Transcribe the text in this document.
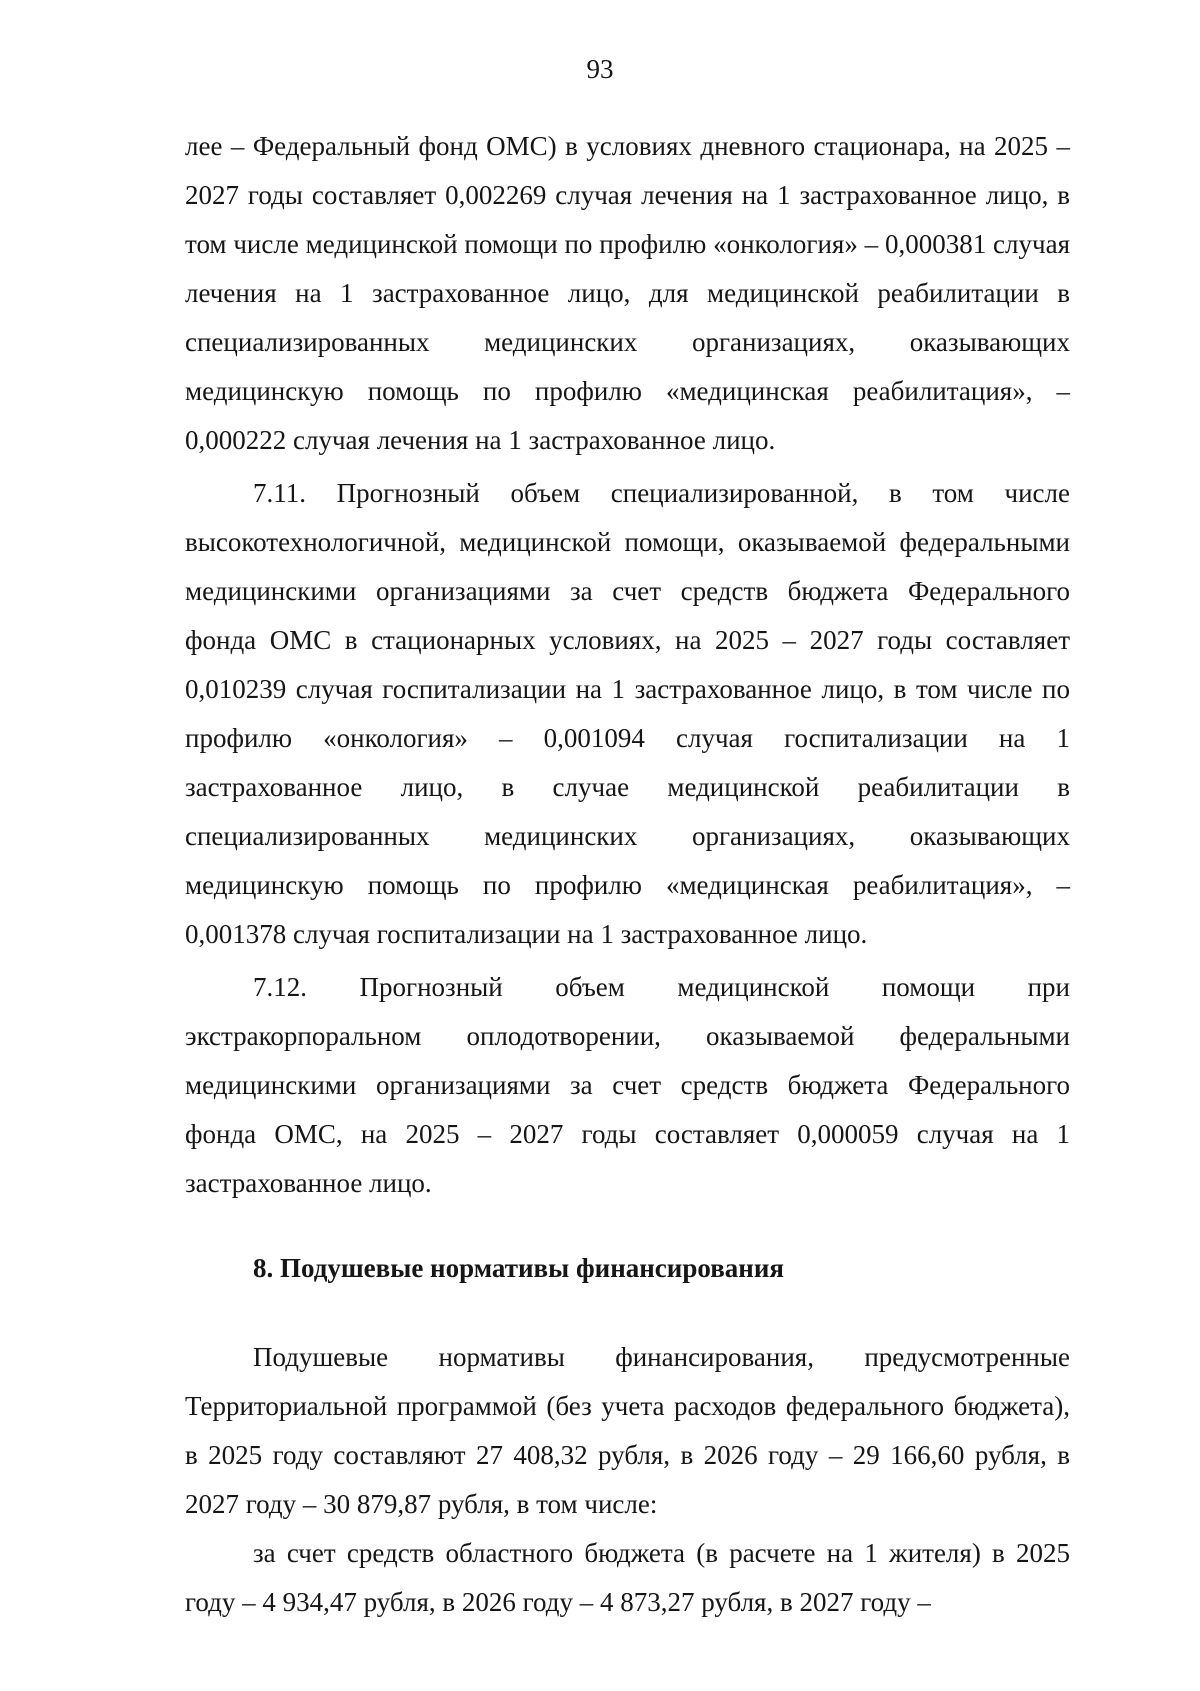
93

лее – Федеральный фонд ОМС) в условиях дневного стационара, на 2025 – 2027 годы составляет 0,002269 случая лечения на 1 застрахованное лицо, в том числе медицинской помощи по профилю «онкология» – 0,000381 случая лечения на 1 застрахованное лицо, для медицинской реабилитации в специализированных медицинских организациях, оказывающих медицинскую помощь по профилю «медицинская реабилитация», – 0,000222 случая лечения на 1 застрахованное лицо.

7.11. Прогнозный объем специализированной, в том числе высокотехнологичной, медицинской помощи, оказываемой федеральными медицинскими организациями за счет средств бюджета Федерального фонда ОМС в стационарных условиях, на 2025 – 2027 годы составляет 0,010239 случая госпитализации на 1 застрахованное лицо, в том числе по профилю «онкология» – 0,001094 случая госпитализации на 1 застрахованное лицо, в случае медицинской реабилитации в специализированных медицинских организациях, оказывающих медицинскую помощь по профилю «медицинская реабилитация», – 0,001378 случая госпитализации на 1 застрахованное лицо.

7.12. Прогнозный объем медицинской помощи при экстракорпоральном оплодотворении, оказываемой федеральными медицинскими организациями за счет средств бюджета Федерального фонда ОМС, на 2025 – 2027 годы составляет 0,000059 случая на 1 застрахованное лицо.

8. Подушевые нормативы финансирования

Подушевые нормативы финансирования, предусмотренные Территориальной программой (без учета расходов федерального бюджета), в 2025 году составляют 27 408,32 рубля, в 2026 году – 29 166,60 рубля, в 2027 году – 30 879,87 рубля, в том числе:

за счет средств областного бюджета (в расчете на 1 жителя) в 2025 году – 4 934,47 рубля, в 2026 году – 4 873,27 рубля, в 2027 году –
